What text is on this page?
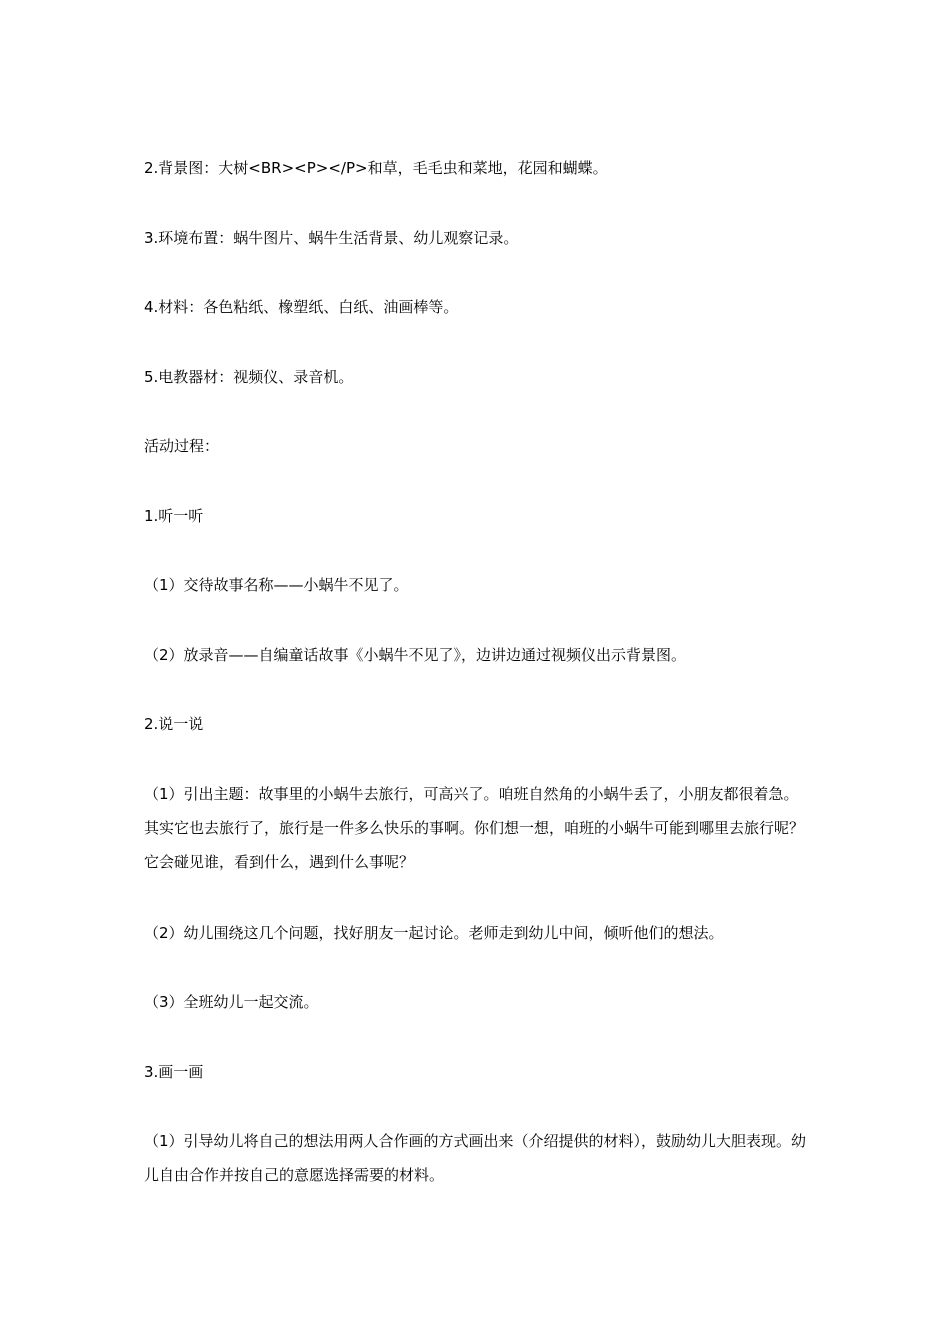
2.背景图：大树<BR><P></P>和草，毛毛虫和菜地，花园和蝴蝶。

3.环境布置：蜗牛图片、蜗牛生活背景、幼儿观察记录。

4.材料：各色粘纸、橡塑纸、白纸、油画棒等。

5.电教器材：视频仪、录音机。

活动过程：

1.听一听

（1）交待故事名称——小蜗牛不见了。

（2）放录音——自编童话故事《小蜗牛不见了》，边讲边通过视频仪出示背景图。

2.说一说

（1）引出主题：故事里的小蜗牛去旅行，可高兴了。咱班自然角的小蜗牛丢了，小朋友都很着急。其实它也去旅行了，旅行是一件多么快乐的事啊。你们想一想，咱班的小蜗牛可能到哪里去旅行呢？它会碰见谁，看到什么，遇到什么事呢？

（2）幼儿围绕这几个问题，找好朋友一起讨论。老师走到幼儿中间，倾听他们的想法。

（3）全班幼儿一起交流。

3.画一画

（1）引导幼儿将自己的想法用两人合作画的方式画出来（介绍提供的材料），鼓励幼儿大胆表现。幼儿自由合作并按自己的意愿选择需要的材料。
